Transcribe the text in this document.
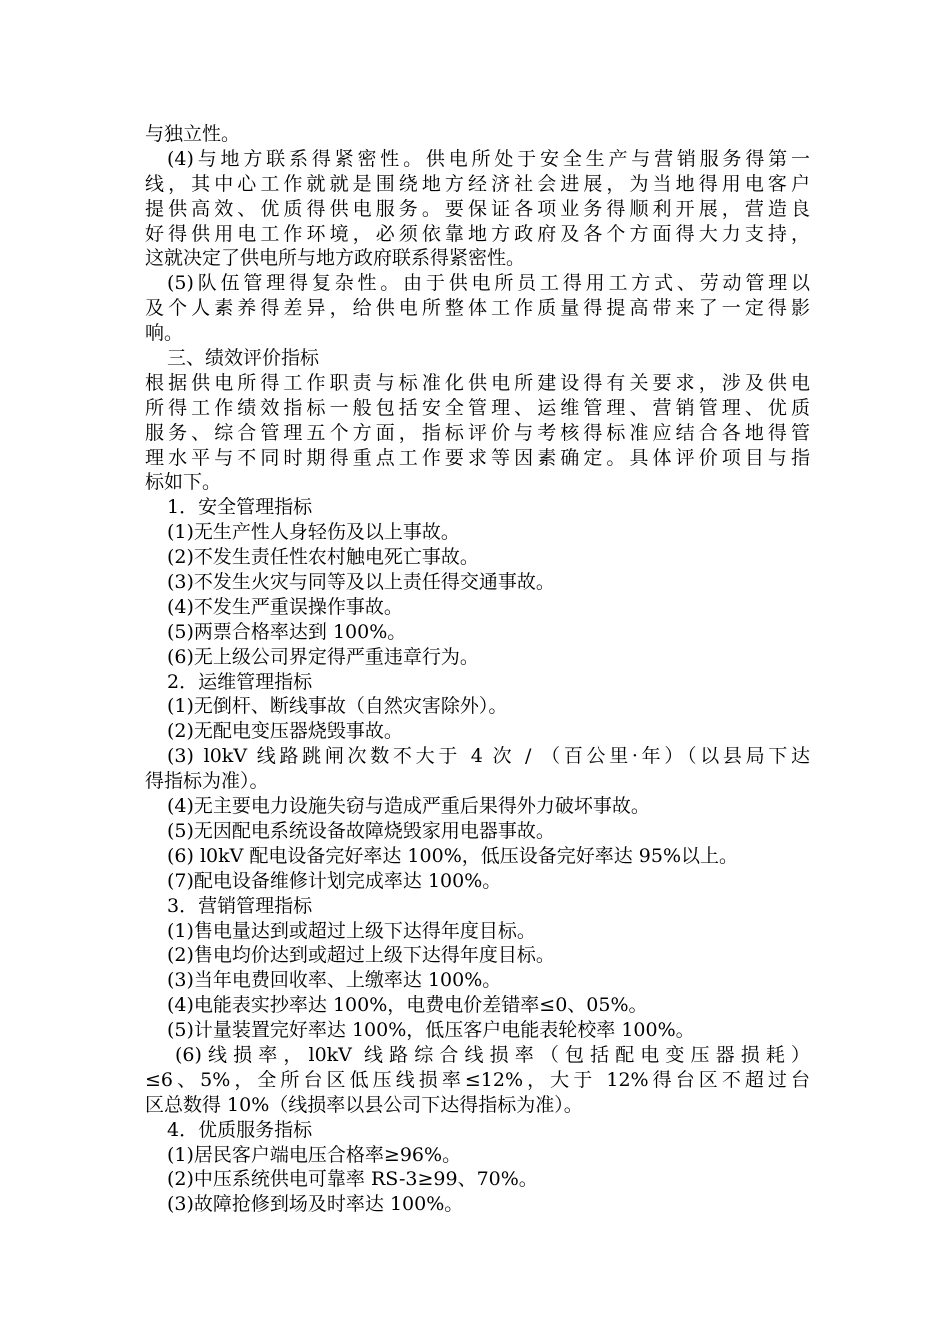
与独立性。
(4)与地方联系得紧密性。供电所处于安全生产与营销服务得第一
线，其中心工作就就是围绕地方经济社会进展，为当地得用电客户
提供高效、优质得供电服务。要保证各项业务得顺利开展，营造良
好得供用电工作环境，必须依靠地方政府及各个方面得大力支持，
这就决定了供电所与地方政府联系得紧密性。
(5)队伍管理得复杂性。由于供电所员工得用工方式、劳动管理以
及个人素养得差异，给供电所整体工作质量得提高带来了一定得影
响。
三、绩效评价指标
根据供电所得工作职责与标准化供电所建设得有关要求，涉及供电
所得工作绩效指标一般包括安全管理、运维管理、营销管理、优质
服务、综合管理五个方面，指标评价与考核得标准应结合各地得管
理水平与不同时期得重点工作要求等因素确定。具体评价项目与指
标如下。
1．安全管理指标
(1)无生产性人身轻伤及以上事故。
(2)不发生责任性农村触电死亡事故。
(3)不发生火灾与同等及以上责任得交通事故。
(4)不发生严重误操作事故。
(5)两票合格率达到 100%。
(6)无上级公司界定得严重违章行为。
2．运维管理指标
(1)无倒杆、断线事故（自然灾害除外）。
(2)无配电变压器烧毁事故。
(3) l0kV 线路跳闸次数不大于 4 次 / （百公里·年）（以县局下达
得指标为准）。
(4)无主要电力设施失窃与造成严重后果得外力破坏事故。
(5)无因配电系统设备故障烧毁家用电器事故。
(6) l0kV 配电设备完好率达 100%，低压设备完好率达 95%以上。
(7)配电设备维修计划完成率达 100%。
3．营销管理指标
(1)售电量达到或超过上级下达得年度目标。
(2)售电均价达到或超过上级下达得年度目标。
(3)当年电费回收率、上缴率达 100%。
(4)电能表实抄率达 100%，电费电价差错率≤0、05%。
(5)计量装置完好率达 100%，低压客户电能表轮校率 100%。
(6)线损率，l0kV 线路综合线损率（包括配电变压器损耗）
≤6、5%，全所台区低压线损率≤12%，大于 12%得台区不超过台
区总数得 10%（线损率以县公司下达得指标为准）。
4．优质服务指标
(1)居民客户端电压合格率≥96%。
(2)中压系统供电可靠率 RS-3≥99、70%。
(3)故障抢修到场及时率达 100%。
